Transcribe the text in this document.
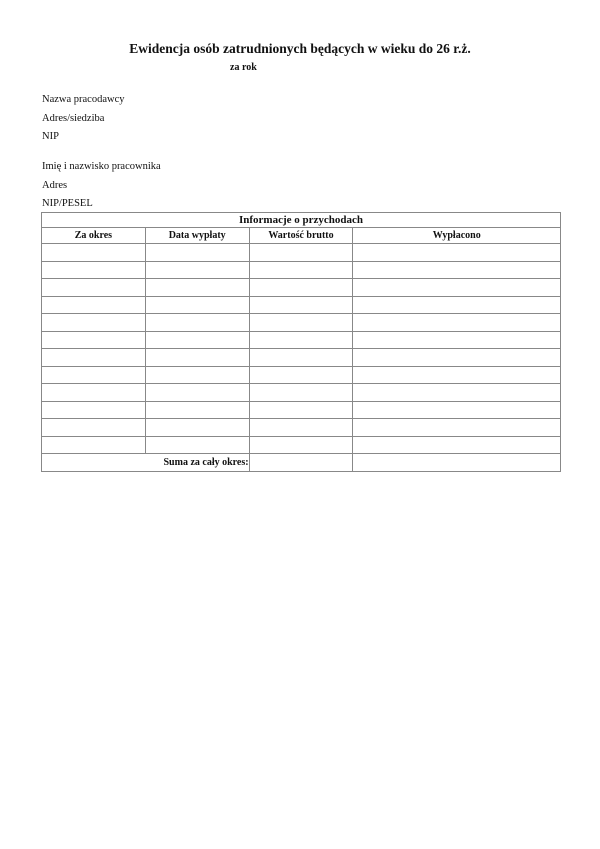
Ewidencja osób zatrudnionych będących w wieku do 26 r.ż.
za rok
Nazwa pracodawcy
Adres/siedziba
NIP
Imię i nazwisko pracownika
Adres
NIP/PESEL
Informacje o przychodach			
Za okres	Data wypłaty	Wartość brutto	Wypłacono

Suma za cały okres:			
